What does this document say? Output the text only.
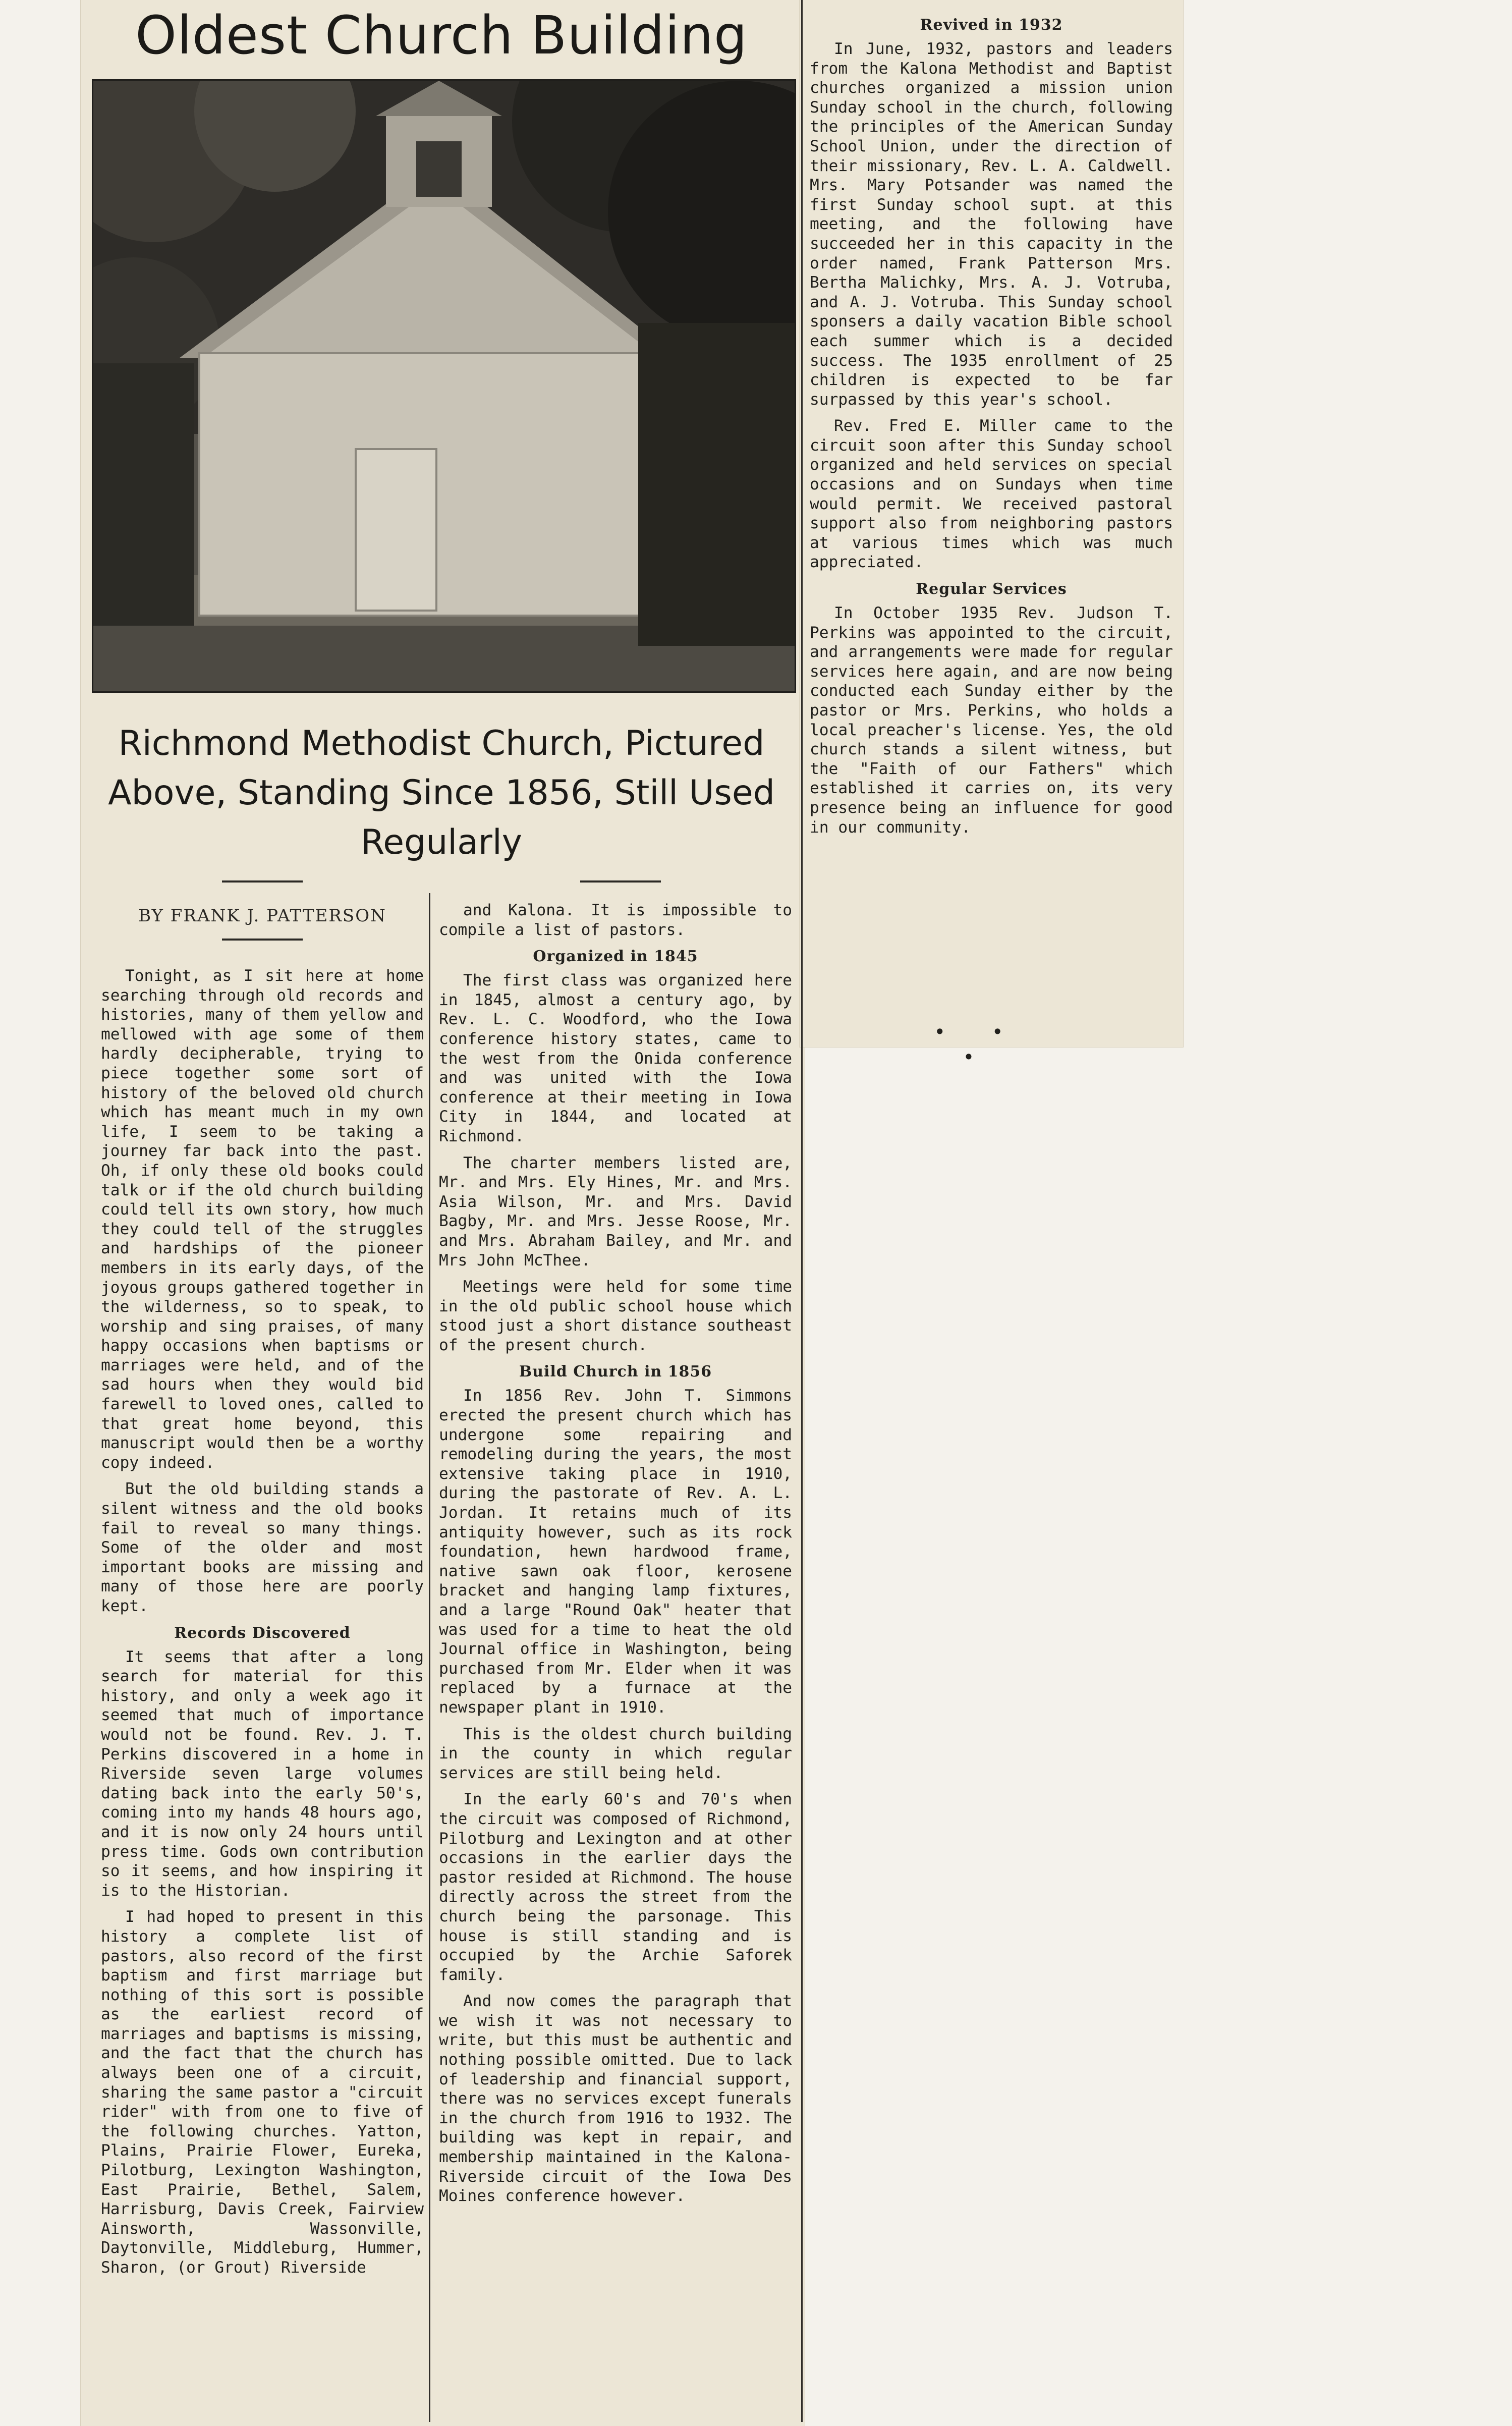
Oldest Church Building
Richmond Methodist Church, Pictured Above, Standing Since 1856, Still Used Regularly
BY FRANK J. PATTERSON

Tonight, as I sit here at home searching through old records and histories, many of them yellow and mellowed with age some of them hardly decipherable, trying to piece together some sort of history of the beloved old church which has meant much in my own life, I seem to be taking a journey far back into the past. Oh, if only these old books could talk or if the old church building could tell its own story, how much they could tell of the struggles and hardships of the pioneer members in its early days, of the joyous groups gathered together in the wilderness, so to speak, to worship and sing praises, of many happy occasions when baptisms or marriages were held, and of the sad hours when they would bid farewell to loved ones, called to that great home beyond, this manuscript would then be a worthy copy indeed.

But the old building stands a silent witness and the old books fail to reveal so many things. Some of the older and most important books are missing and many of those here are poorly kept.

Records Discovered

It seems that after a long search for material for this history, and only a week ago it seemed that much of importance would not be found. Rev. J. T. Perkins discovered in a home in Riverside seven large volumes dating back into the early 50's, coming into my hands 48 hours ago, and it is now only 24 hours until press time. Gods own contribution so it seems, and how inspiring it is to the Historian.

I had hoped to present in this history a complete list of pastors, also record of the first baptism and first marriage but nothing of this sort is possible as the earliest record of marriages and baptisms is missing, and the fact that the church has always been one of a circuit, sharing the same pastor a "circuit rider" with from one to five of the following churches. Yatton, Plains, Prairie Flower, Eureka, Pilotburg, Lexington Washington, East Prairie, Bethel, Salem, Harrisburg, Davis Creek, Fairview Ainsworth, Wassonville, Daytonville, Middleburg, Hummer, Sharon, (or Grout) Riverside

and Kalona. It is impossible to compile a list of pastors.

Organized in 1845

The first class was organized here in 1845, almost a century ago, by Rev. L. C. Woodford, who the Iowa conference history states, came to the west from the Onida conference and was united with the Iowa conference at their meeting in Iowa City in 1844, and located at Richmond.

The charter members listed are, Mr. and Mrs. Ely Hines, Mr. and Mrs. Asia Wilson, Mr. and Mrs. David Bagby, Mr. and Mrs. Jesse Roose, Mr. and Mrs. Abraham Bailey, and Mr. and Mrs John McThee.

Meetings were held for some time in the old public school house which stood just a short distance southeast of the present church.

Build Church in 1856

In 1856 Rev. John T. Simmons erected the present church which has undergone some repairing and remodeling during the years, the most extensive taking place in 1910, during the pastorate of Rev. A. L. Jordan. It retains much of its antiquity however, such as its rock foundation, hewn hardwood frame, native sawn oak floor, kerosene bracket and hanging lamp fixtures, and a large "Round Oak" heater that was used for a time to heat the old Journal office in Washington, being purchased from Mr. Elder when it was replaced by a furnace at the newspaper plant in 1910.

This is the oldest church building in the county in which regular services are still being held.

In the early 60's and 70's when the circuit was composed of Richmond, Pilotburg and Lexington and at other occasions in the earlier days the pastor resided at Richmond. The house directly across the street from the church being the parsonage. This house is still standing and is occupied by the Archie Saforek family.

And now comes the paragraph that we wish it was not necessary to write, but this must be authentic and nothing possible omitted. Due to lack of leadership and financial support, there was no services except funerals in the church from 1916 to 1932. The building was kept in repair, and membership maintained in the Kalona-Riverside circuit of the Iowa Des Moines conference however.

Revived in 1932

In June, 1932, pastors and leaders from the Kalona Methodist and Baptist churches organized a mission union Sunday school in the church, following the principles of the American Sunday School Union, under the direction of their missionary, Rev. L. A. Caldwell. Mrs. Mary Potsander was named the first Sunday school supt. at this meeting, and the following have succeeded her in this capacity in the order named, Frank Patterson Mrs. Bertha Malichky, Mrs. A. J. Votruba, and A. J. Votruba. This Sunday school sponsers a daily vacation Bible school each summer which is a decided success. The 1935 enrollment of 25 children is expected to be far surpassed by this year's school.

Rev. Fred E. Miller came to the circuit soon after this Sunday school organized and held services on special occasions and on Sundays when time would permit. We received pastoral support also from neighboring pastors at various times which was much appreciated.

Regular Services

In October 1935 Rev. Judson T. Perkins was appointed to the circuit, and arrangements were made for regular services here again, and are now being conducted each Sunday either by the pastor or Mrs. Perkins, who holds a local preacher's license. Yes, the old church stands a silent witness, but the "Faith of our Fathers" which established it carries on, its very presence being an influence for good in our community.

• • •
